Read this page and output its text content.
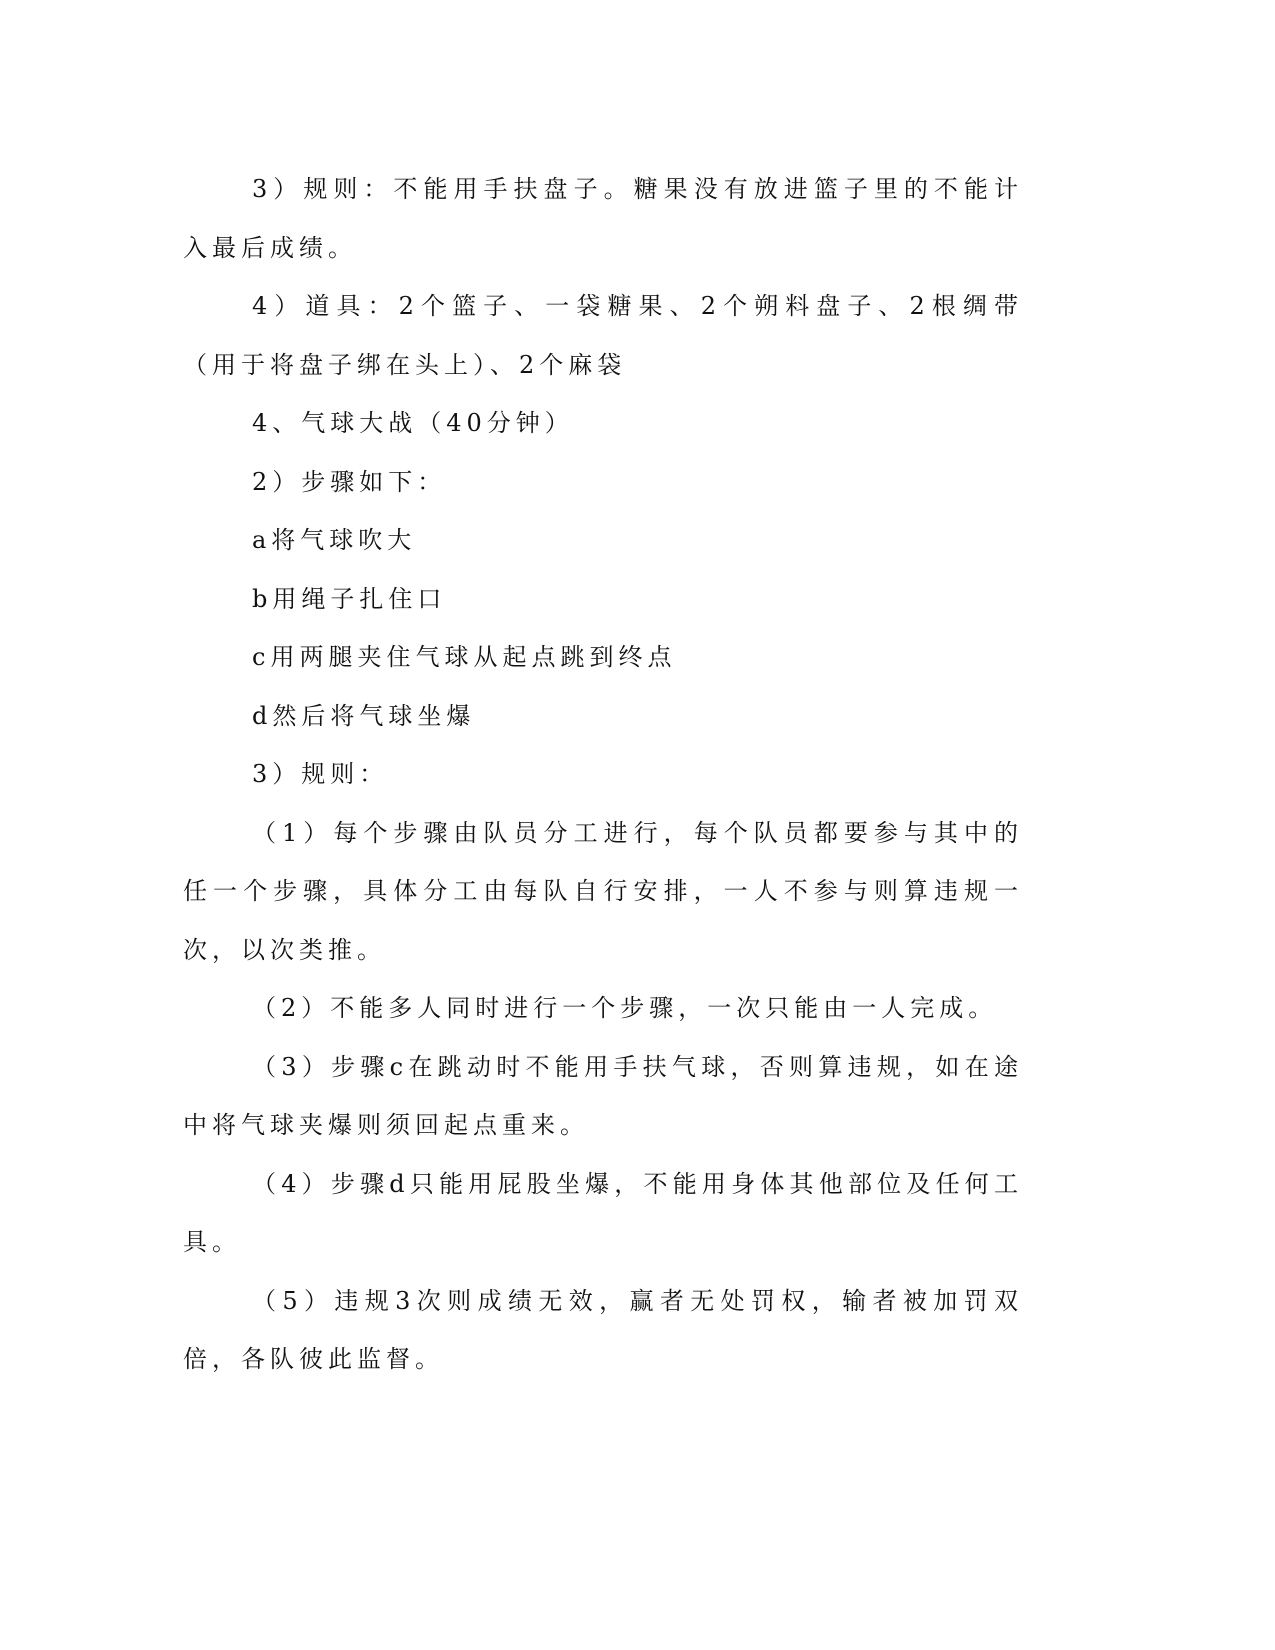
3）规则：不能用手扶盘子。糖果没有放进篮子里的不能计入最后成绩。

4）道具：2个篮子、一袋糖果、2个朔料盘子、2根绸带（用于将盘子绑在头上）、2个麻袋

4、气球大战（40分钟）

2）步骤如下：

a将气球吹大

b用绳子扎住口

c用两腿夹住气球从起点跳到终点

d然后将气球坐爆

3）规则：

（1）每个步骤由队员分工进行，每个队员都要参与其中的任一个步骤，具体分工由每队自行安排，一人不参与则算违规一次，以次类推。

（2）不能多人同时进行一个步骤，一次只能由一人完成。

（3）步骤c在跳动时不能用手扶气球，否则算违规，如在途中将气球夹爆则须回起点重来。

（4）步骤d只能用屁股坐爆，不能用身体其他部位及任何工具。

（5）违规3次则成绩无效，赢者无处罚权，输者被加罚双倍，各队彼此监督。
